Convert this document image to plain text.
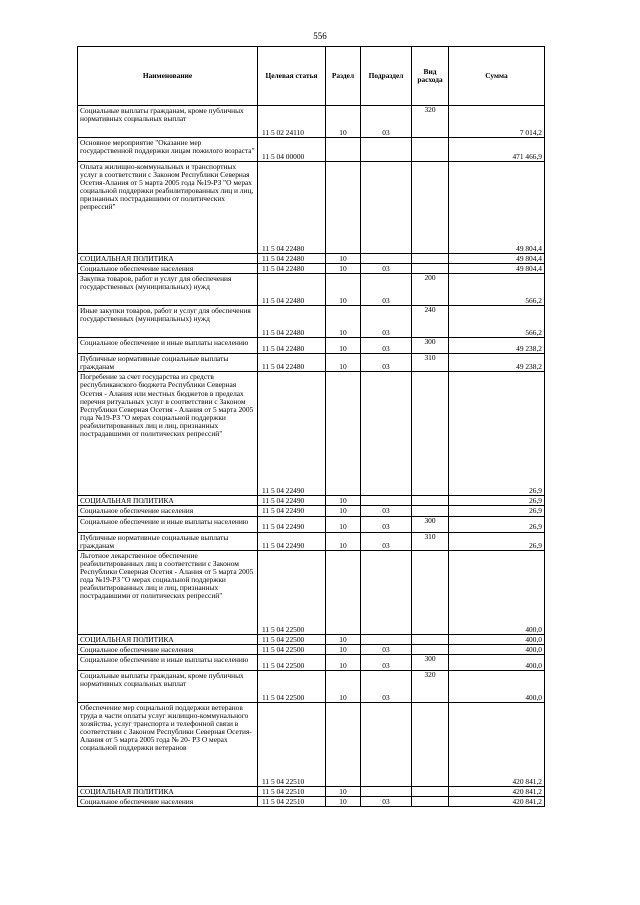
556
Наименование	Целевая статья	Раздел	Подраздел	Вид расхода	Сумма
Социальные выплаты гражданам, кроме публичных нормативных социальных выплат	11 5 02 24110	10	03	320	7 014,2
Основное мероприятие "Оказание мер государственной поддержки лицам пожилого возраста"	11 5 04 00000				471 466,9
Оплата жилищно-коммунальных и транспортных услуг в соответствии с Законом Республики Северная Осетия-Алания от 5 марта 2005 года №19-РЗ "О мерах социальной поддержки реабилитированных лиц и лиц, признанных пострадавшими от политических репрессий"	11 5 04 22480				49 804,4
СОЦИАЛЬНАЯ ПОЛИТИКА	11 5 04 22480	10			49 804,4
Социальное обеспечение населения	11 5 04 22480	10	03		49 804,4
Закупка товаров, работ и услуг для обеспечения государственных (муниципальных) нужд	11 5 04 22480	10	03	200	566,2
Иные закупки товаров, работ и услуг для обеспечения государственных (муниципальных) нужд	11 5 04 22480	10	03	240	566,2
Социальное обеспечение и иные выплаты населению	11 5 04 22480	10	03	300	49 238,2
Публичные нормативные социальные выплаты гражданам	11 5 04 22480	10	03	310	49 238,2
Погребение за счет государства из средств республиканского бюджета Республики Северная Осетия - Алания или местных бюджетов в пределах перечня ритуальных услуг в соответствии с Законом Республики Северная Осетия - Алания от 5 марта 2005 года №19-РЗ "О мерах социальной поддержки реабилитированных лиц и лиц, признанных пострадавшими от политических репрессий"	11 5 04 22490				26,9
СОЦИАЛЬНАЯ ПОЛИТИКА	11 5 04 22490	10			26,9
Социальное обеспечение населения	11 5 04 22490	10	03		26,9
Социальное обеспечение и иные выплаты населению	11 5 04 22490	10	03	300	26,9
Публичные нормативные социальные выплаты гражданам	11 5 04 22490	10	03	310	26,9
Льготное лекарственное обеспечение реабилитированных лиц в соответствии с Законом Республики Северная Осетия - Алания от 5 марта 2005 года №19-РЗ "О мерах социальной поддержки реабилитированных лиц и лиц, признанных пострадавшими от политических репрессий"	11 5 04 22500				400,0
СОЦИАЛЬНАЯ ПОЛИТИКА	11 5 04 22500	10			400,0
Социальное обеспечение населения	11 5 04 22500	10	03		400,0
Социальное обеспечение и иные выплаты населению	11 5 04 22500	10	03	300	400,0
Социальные выплаты гражданам, кроме публичных нормативных социальных выплат	11 5 04 22500	10	03	320	400,0
Обеспечение мер социальной поддержки ветеранов труда в части оплаты услуг жилищно-коммунального хозяйства, услуг транспорта и телефонной связи в соответствии с Законом Республики Северная Осетия-Алания от 5 марта 2005 года № 20- РЗ О мерах социальной поддержки ветеранов	11 5 04 22510				420 841,2
СОЦИАЛЬНАЯ ПОЛИТИКА	11 5 04 22510	10			420 841,2
Социальное обеспечение населения	11 5 04 22510	10	03		420 841,2
